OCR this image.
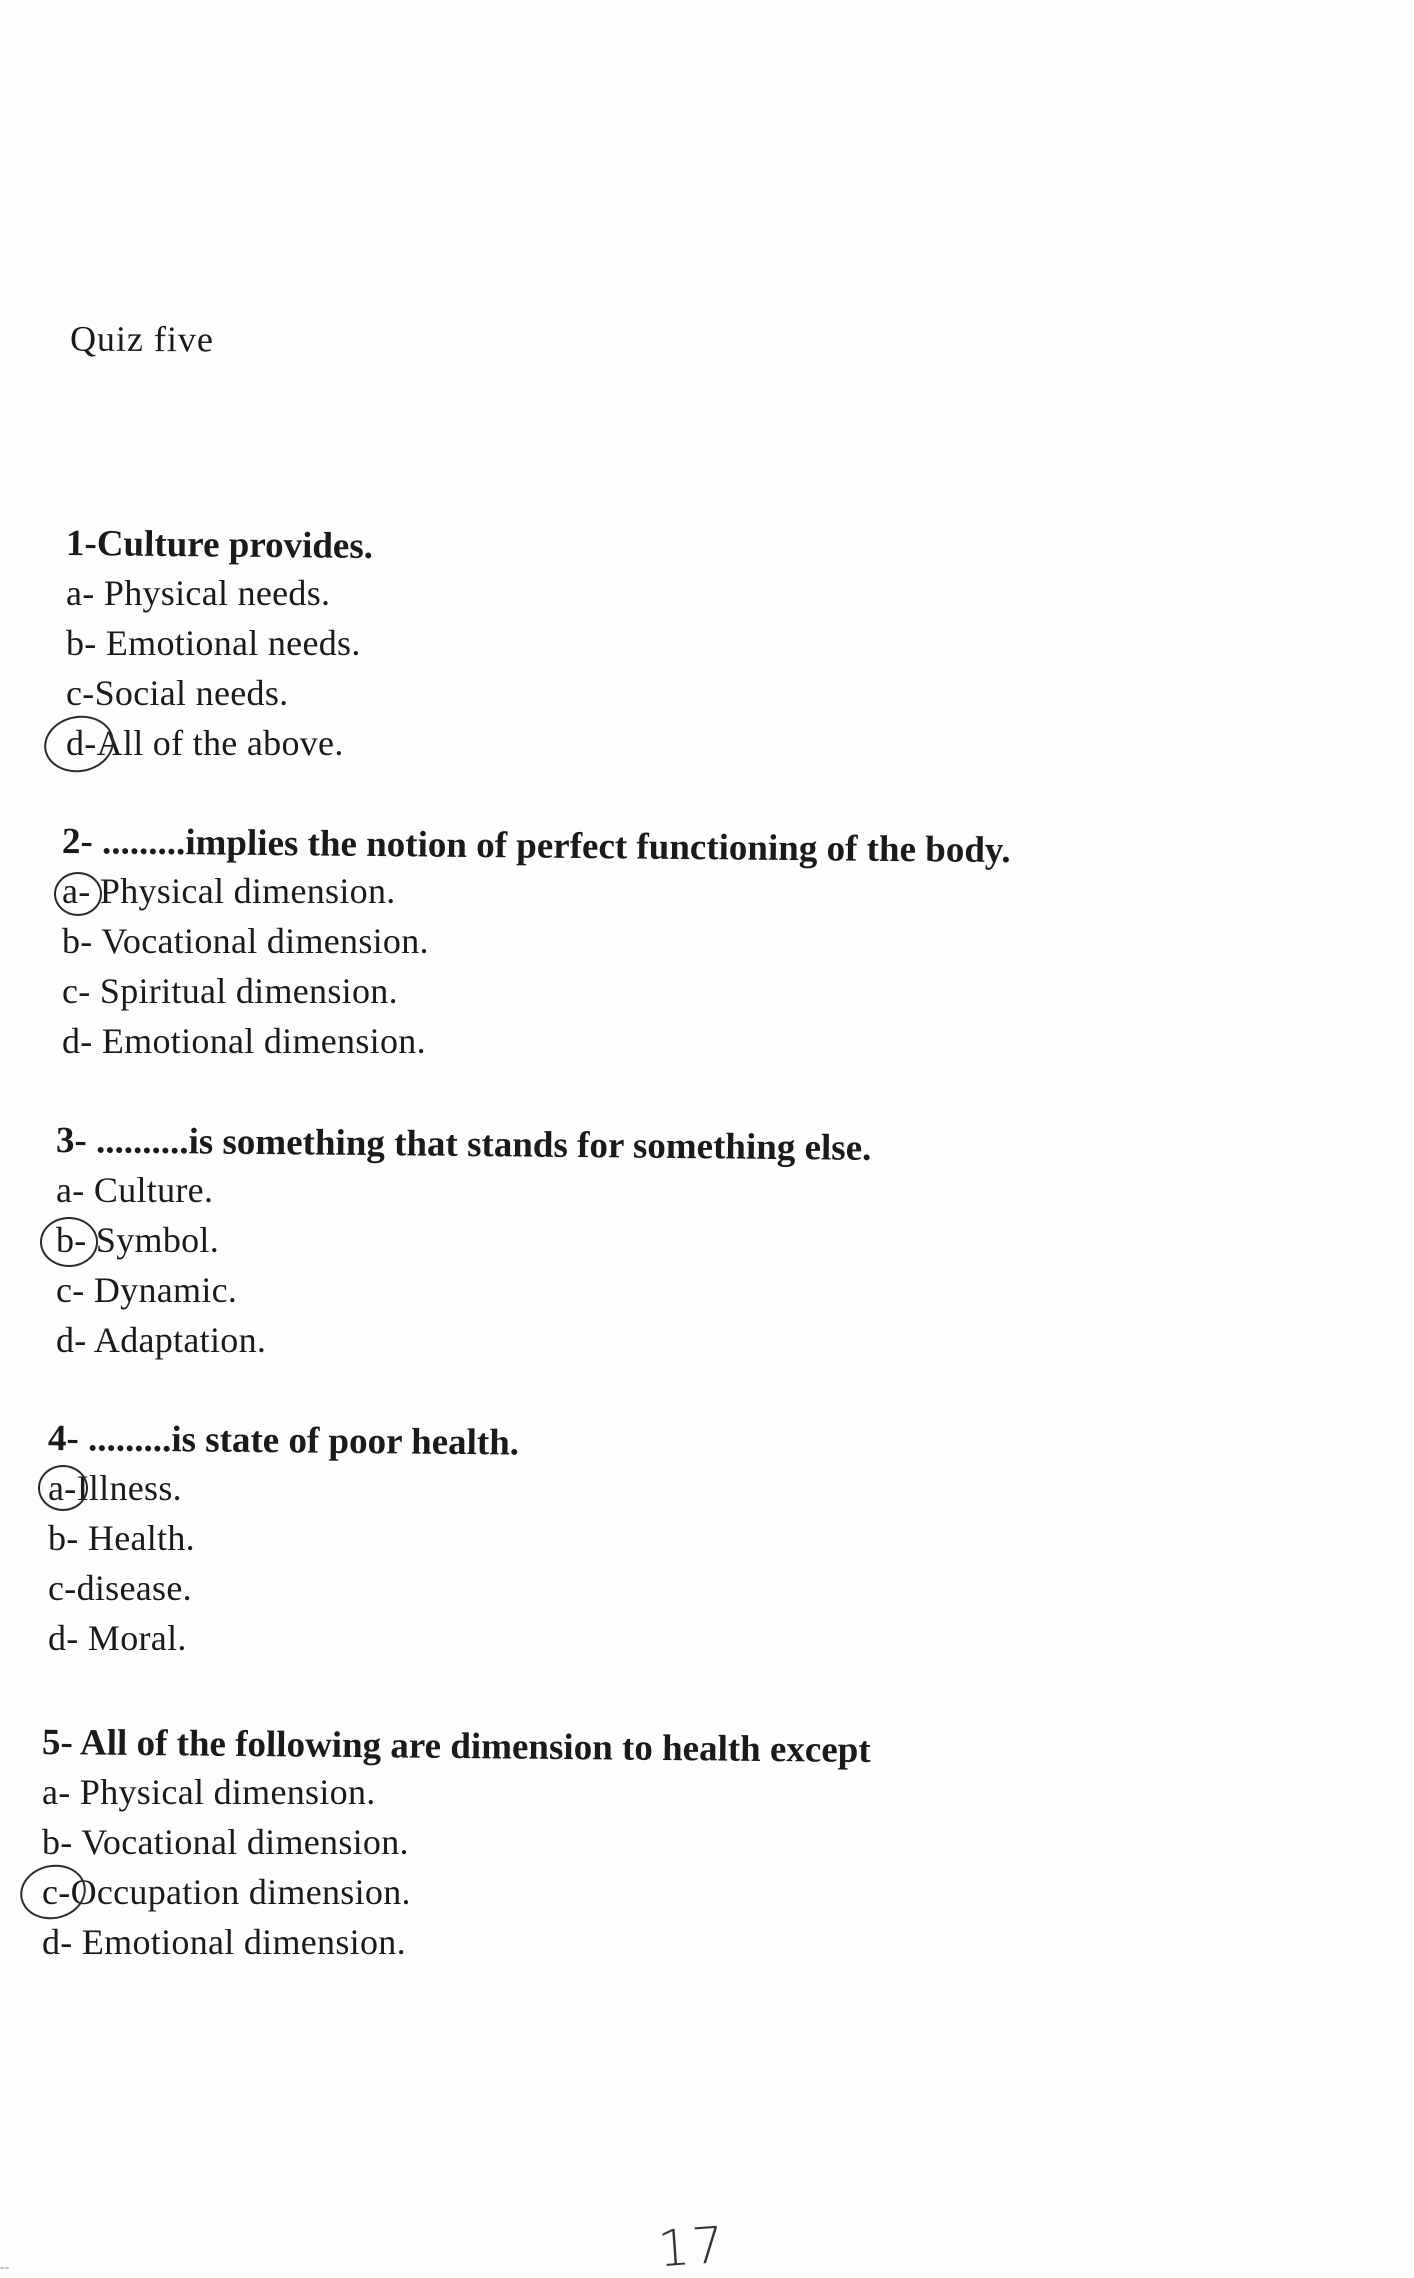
Quiz five
1-Culture provides.
a- Physical needs.
b- Emotional needs.
c-Social needs.
d-All of the above.
2- .........implies the notion of perfect functioning of the body.
a- Physical dimension.
b- Vocational dimension.
c- Spiritual dimension.
d- Emotional dimension.
3- ..........is something that stands for something else.
a- Culture.
b- Symbol.
c- Dynamic.
d- Adaptation.
4- .........is state of poor health.
a-Illness.
b- Health.
c-disease.
d- Moral.
5- All of the following are dimension to health except
a- Physical dimension.
b- Vocational dimension.
c-Occupation dimension.
d- Emotional dimension.
17
--
